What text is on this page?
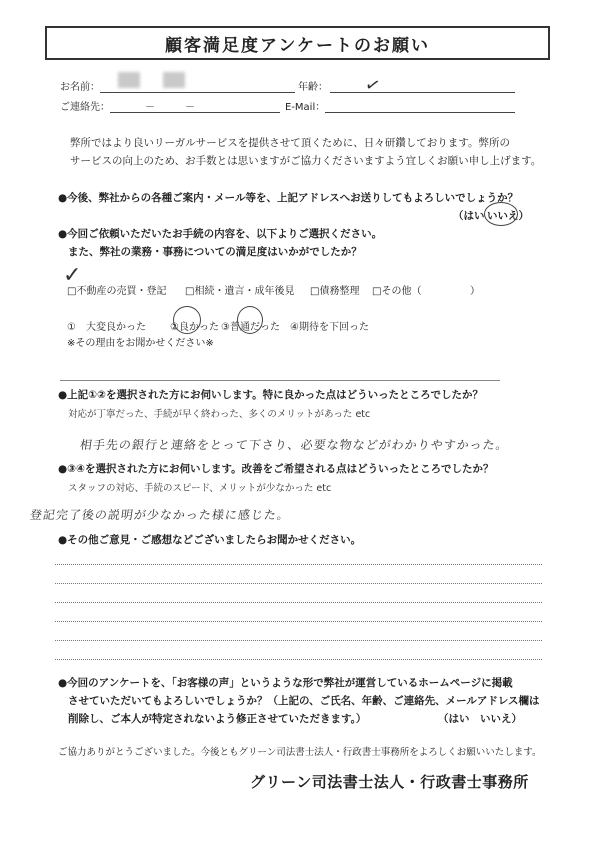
顧客満足度アンケートのお願い
お名前：	年齢： ✓
ご連絡先：	－　　　－	E-Mail：
弊所ではより良いリーガルサービスを提供させて頂くために、日々研鑽しております。弊所の
サービスの向上のため、お手数とは思いますがご協力くださいますよう宜しくお願い申し上げます。
●今後、弊社からの各種ご案内・メール等を、上記アドレスへお送りしてもよろしいでしょうか？
（はい いいえ）
●今回ご依頼いただいたお手続の内容を、以下よりご選択ください。
また、弊社の業務・事務についての満足度はいかがでしたか？
□不動産の売買・登記
✓
□相続・遺言・成年後見 □債務整理 □その他（	）
①　大変良かった ②良かった ③普通だった ④期待を下回った
※その理由をお聞かせください※
●上記①②を選択された方にお伺いします。特に良かった点はどういったところでしたか？
対応が丁寧だった、手続が早く終わった、多くのメリットがあった etc
相手先の銀行と連絡をとって下さり、必要な物などがわかりやすかった。
●③④を選択された方にお伺いします。改善をご希望される点はどういったところでしたか？
スタッフの対応、手続のスピード、メリットが少なかった etc
登記完了後の説明が少なかった様に感じた。
●その他ご意見・ご感想などございましたらお聞かせください。
●今回のアンケートを、「お客様の声」というような形で弊社が運営しているホームページに掲載
させていただいてもよろしいでしょうか？（上記の、ご氏名、年齢、ご連絡先、メールアドレス欄は
削除し、ご本人が特定されないよう修正させていただきます。）	（はい　いいえ）
ご協力ありがとうございました。今後ともグリーン司法書士法人・行政書士事務所をよろしくお願いいたします。
グリーン司法書士法人・行政書士事務所
